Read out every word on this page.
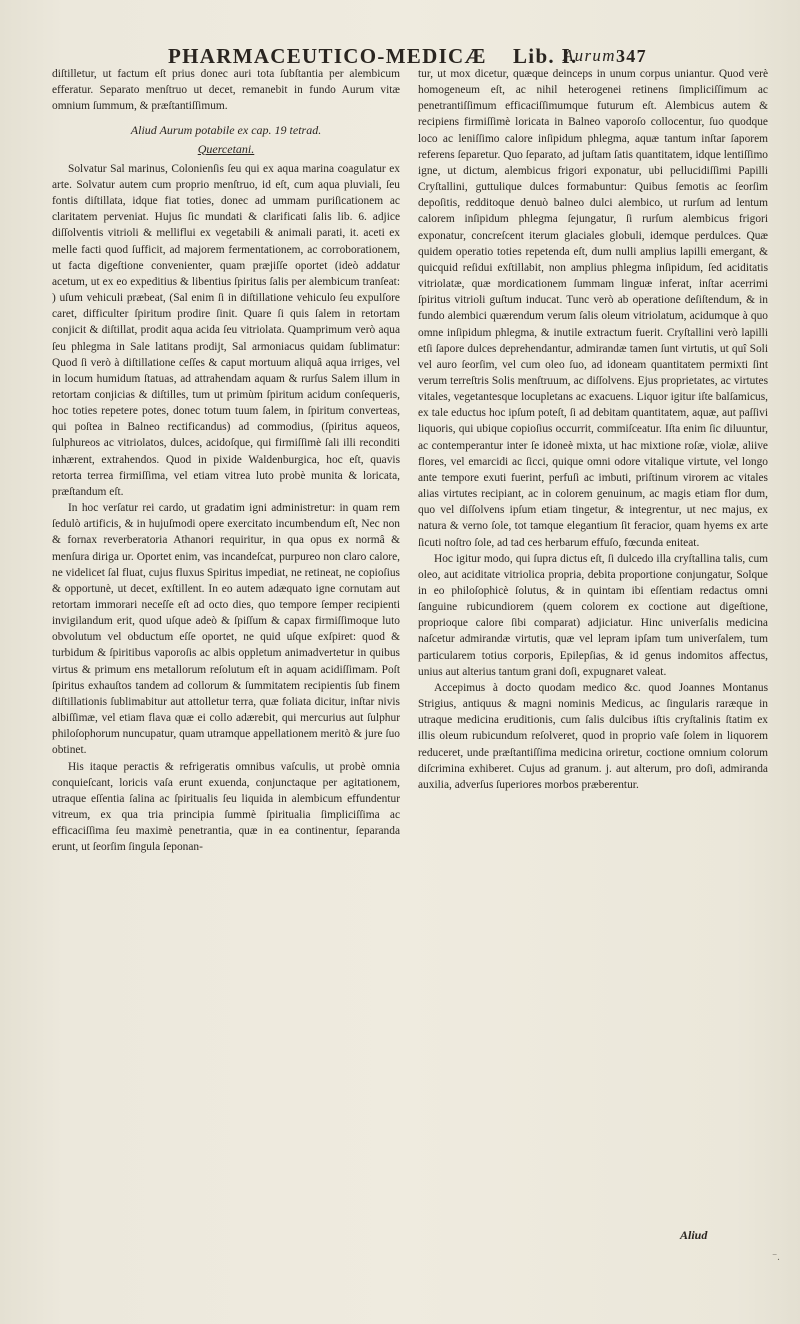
PHARMACEUTICO-MEDICÆ Lib. I.
Aurum 347

diſtilletur, ut factum eſt prius donec auri tota ſubſtantia per alembicum efferatur. Separato menſtruo ut decet, remanebit in fundo Aurum vitæ omnium ſummum, & præſtantiſſimum.

Aliud Aurum potabile ex cap. 19 tetrad.

Quercetani.

Solvatur Sal marinus, Colonienſis ſeu qui ex aqua marina coagulatur ex arte. Solvatur autem cum proprio menſtruo, id eſt, cum aqua pluviali, ſeu fontis diſtillata, idque fiat toties, donec ad ummam puriſicationem ac claritatem perveniat. Hujus ſic mundati & clarificati ſalis lib. 6. adjice diſſolventis vitrioli & melliflui ex vegetabili & animali parati, it. aceti ex melle facti quod ſufficit, ad majorem fermentationem, ac corroborationem, ut facta digeſtione convenienter, quam præjiſſe oportet (ideò addatur acetum, ut ex eo expeditius & libentius ſpiritus ſalis per alembicum tranſeat: ) uſum vehiculi præbeat, (Sal enim ſi in diſtillatione vehiculo ſeu expulſore caret, difficulter ſpiritum prodire ſinit. Quare ſi quis ſalem in retortam conjicit & diſtillat, prodit aqua acida ſeu vitriolata. Quamprimum verò aqua ſeu phlegma in Sale latitans prodijt, Sal armoniacus quidam ſublimatur: Quod ſi verò à diſtillatione ceſſes & caput mortuum aliquâ aqua irriges, vel in locum humidum ſtatuas, ad attrahendam aquam & rurſus Salem illum in retortam conjicias & diſtilles, tum ut primùm ſpiritum acidum conſequeris, hoc toties repetere potes, donec totum tuum ſalem, in ſpiritum converteas, qui poſtea in Balneo rectificandus) ad commodius, (ſpiritus aqueos, ſulphureos ac vitriolatos, dulces, acidoſque, qui firmiſſimè ſali illi reconditi inhærent, extrahendos. Quod in pixide Waldenburgica, hoc eſt, quavis retorta terrea firmiſſima, vel etiam vitrea luto probè munita & loricata, præſtandum eſt.

In hoc verſatur rei cardo, ut gradatim igni administretur: in quam rem ſedulò artificis, & in hujuſmodi opere exercitato incumbendum eſt, Nec non & fornax reverberatoria Athanori requiritur, in qua opus ex normâ & menſura diriga ur. Oportet enim, vas incandeſcat, purpureo non claro calore, ne videlicet ſal fluat, cujus fluxus Spiritus impediat, ne retineat, ne copioſius & opportunè, ut decet, exſtillent. In eo autem adæquato igne cornutam aut retortam immorari neceſſe eſt ad octo dies, quo tempore ſemper recipienti invigilandum erit, quod uſque adeò & ſpiſſum & capax firmiſſimoque luto obvolutum vel obductum eſſe oportet, ne quid uſque exſpiret: quod & turbidum & ſpiritibus vaporoſis ac albis oppletum animadvertetur in quibus virtus & primum ens metallorum reſolutum eſt in aquam acidiſſimam. Poſt ſpiritus exhauſtos tandem ad collorum & ſummitatem recipientis ſub finem diſtillationis ſublimabitur aut attolletur terra, quæ foliata dicitur, inſtar nivis albiſſimæ, vel etiam flava quæ ei collo adærebit, qui mercurius aut ſulphur philoſophorum nuncupatur, quam utramque appellationem meritò & jure ſuo obtinet.

His itaque peractis & refrigeratis omnibus vaſculis, ut probè omnia conquieſcant, loricis vaſa erunt exuenda, conjunctaque per agitationem, utraque eſſentia ſalina ac ſpiritualis ſeu liquida in alembicum effundentur vitreum, ex qua tria principia ſummè ſpiritualia ſimpliciſſima ac efficaciſſima ſeu maximè penetrantia, quæ in ea continentur, ſeparanda erunt, ut ſeorſim ſingula ſeponan-

tur, ut mox dicetur, quæque deinceps in unum corpus uniantur. Quod verè homogeneum eſt, ac nihil heterogenei retinens ſimpliciſſimum ac penetrantiſſimum efficaciſſimumque futurum eſt. Alembicus autem & recipiens firmiſſimè loricata in Balneo vaporoſo collocentur, ſuo quodque loco ac leniſſimo calore inſipidum phlegma, aquæ tantum inſtar ſaporem referens ſeparetur. Quo ſeparato, ad juſtam ſatis quantitatem, idque lentiſſimo igne, ut dictum, alembicus frigori exponatur, ubi pellucidiſſimi Papilli Cryſtallini, guttulique dulces formabuntur: Quibus ſemotis ac ſeorſim depoſitis, redditoque denuò balneo dulci alembico, ut rurſum ad lentum calorem inſipidum phlegma ſejungatur, ſi rurſum alembicus frigori exponatur, concreſcent iterum glaciales globuli, idemque perdulces. Quæ quidem operatio toties repetenda eſt, dum nulli amplius lapilli emergant, & quicquid reſidui exſtillabit, non amplius phlegma inſipidum, ſed aciditatis vitriolatæ, quæ mordicationem ſummam linguæ inferat, inſtar acerrimi ſpiritus vitrioli guſtum inducat. Tunc verò ab operatione deſiſtendum, & in fundo alembici quærendum verum ſalis oleum vitriolatum, acidumque à quo omne inſipidum phlegma, & inutile extractum fuerit. Cryſtallini verò lapilli etſi ſapore dulces deprehendantur, admirandæ tamen ſunt virtutis, ut quî Soli vel auro ſeorſim, vel cum oleo ſuo, ad idoneam quantitatem permixti ſint verum terreſtris Solis menſtruum, ac diſſolvens. Ejus proprietates, ac virtutes vitales, vegetantesque locupletans ac exacuens. Liquor igitur iſte balſamicus, ex tale eductus hoc ipſum poteſt, ſi ad debitam quantitatem, aquæ, aut paſſivi liquoris, qui ubique copioſius occurrit, commiſceatur. Iſta enim ſic diluuntur, ac contemperantur inter ſe idoneè mixta, ut hac mixtione roſæ, violæ, aliive flores, vel emarcidi ac ſicci, quique omni odore vitalique virtute, vel longo ante tempore exuti fuerint, perfuſi ac imbuti, priſtinum virorem ac vitales alias virtutes recipiant, ac in colorem genuinum, ac magis etiam flor dum, quo vel diſſolvens ipſum etiam tingetur, & integrentur, ut nec majus, ex natura & verno ſole, tot tamque elegantium ſit feracior, quam hyems ex arte ſicuti noſtro ſole, ad tad ces herbarum effuſo, fœcunda eniteat.

Hoc igitur modo, qui ſupra dictus eſt, ſi dulcedo illa cryſtallina talis, cum oleo, aut aciditate vitriolica propria, debita proportione conjungatur, Solque in eo philoſophicè ſolutus, & in quintam ibi eſſentiam redactus omni ſanguine rubicundiorem (quem colorem ex coctione aut digeſtione, proprioque calore ſibi comparat) adjiciatur. Hinc univerſalis medicina naſcetur admirandæ virtutis, quæ vel lepram ipſam tum univerſalem, tum particularem totius corporis, Epilepſias, & id genus indomitos affectus, unius aut alterius tantum grani doſi, expugnaret valeat.

Accepimus à docto quodam medico &c. quod Joannes Montanus Strigius, antiquus & magni nominis Medicus, ac ſingularis raræque in utraque medicina eruditionis, cum ſalis dulcibus iſtis cryſtalinis ſtatim ex illis oleum rubicundum reſolveret, quod in proprio vaſe ſolem in liquorem reduceret, unde præſtantiſſima medicina oriretur, coctione omnium colorum diſcrimina exhiberet. Cujus ad granum. j. aut alterum, pro doſi, admiranda auxilia, adverſus ſuperiores morbos præberentur.

Aliud
⁻.
